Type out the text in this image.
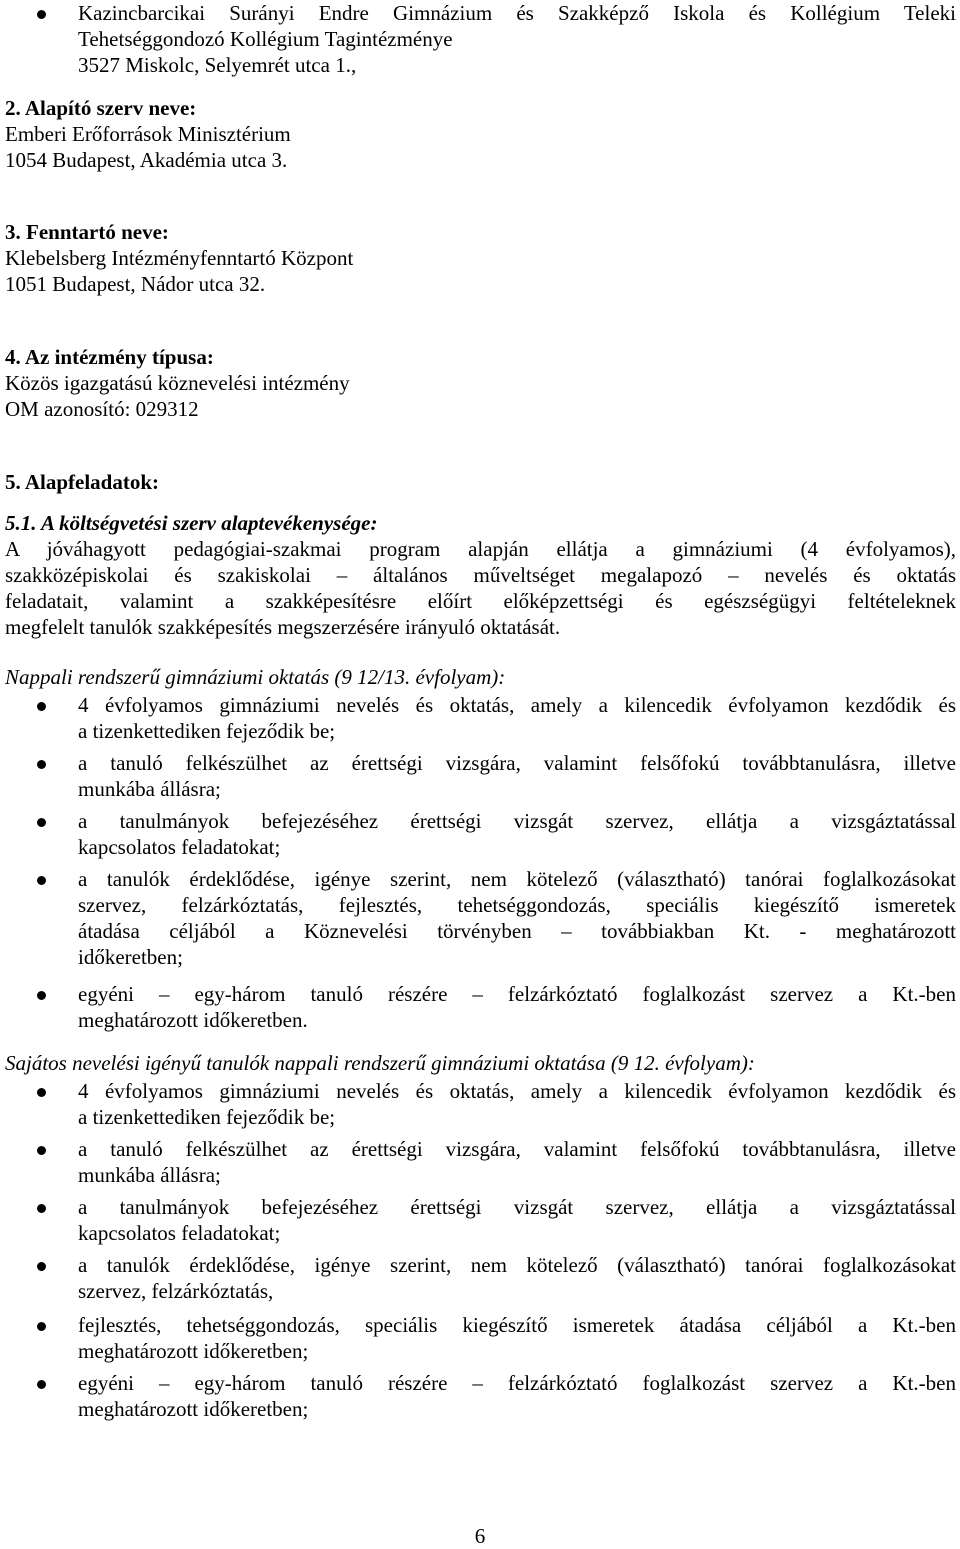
Kazincbarcikai Surányi Endre Gimnázium és Szakképző Iskola és Kollégium Teleki
Tehetséggondozó Kollégium Tagintézménye
3527 Miskolc, Selyemrét utca 1.,
2. Alapító szerv neve:
Emberi Erőforrások Minisztérium
1054 Budapest, Akadémia utca 3.
3. Fenntartó neve:
Klebelsberg Intézményfenntartó Központ
1051 Budapest, Nádor utca 32.
4. Az intézmény típusa:
Közös igazgatású köznevelési intézmény
OM azonosító: 029312
5. Alapfeladatok:
5.1. A költségvetési szerv alaptevékenysége:
A jóváhagyott pedagógiai-szakmai program alapján ellátja a gimnáziumi (4 évfolyamos),
szakközépiskolai és szakiskolai – általános műveltséget megalapozó – nevelés és oktatás
feladatait, valamint a szakképesítésre előírt előképzettségi és egészségügyi feltételeknek
megfelelt tanulók szakképesítés megszerzésére irányuló oktatását.
Nappali rendszerű gimnáziumi oktatás (9 12/13. évfolyam):
4 évfolyamos gimnáziumi nevelés és oktatás, amely a kilencedik évfolyamon kezdődik és
a tizenkettediken fejeződik be;
a tanuló felkészülhet az érettségi vizsgára, valamint felsőfokú továbbtanulásra, illetve
munkába állásra;
a tanulmányok befejezéséhez érettségi vizsgát szervez, ellátja a vizsgáztatással
kapcsolatos feladatokat;
a tanulók érdeklődése, igénye szerint, nem kötelező (választható) tanórai foglalkozásokat
szervez, felzárkóztatás, fejlesztés, tehetséggondozás, speciális kiegészítő ismeretek
átadása céljából a Köznevelési törvényben – továbbiakban Kt. - meghatározott
időkeretben;
egyéni – egy-három tanuló részére – felzárkóztató foglalkozást szervez a Kt.-ben
meghatározott időkeretben.
Sajátos nevelési igényű tanulók nappali rendszerű gimnáziumi oktatása (9 12. évfolyam):
4 évfolyamos gimnáziumi nevelés és oktatás, amely a kilencedik évfolyamon kezdődik és
a tizenkettediken fejeződik be;
a tanuló felkészülhet az érettségi vizsgára, valamint felsőfokú továbbtanulásra, illetve
munkába állásra;
a tanulmányok befejezéséhez érettségi vizsgát szervez, ellátja a vizsgáztatással
kapcsolatos feladatokat;
a tanulók érdeklődése, igénye szerint, nem kötelező (választható) tanórai foglalkozásokat
szervez, felzárkóztatás,
fejlesztés, tehetséggondozás, speciális kiegészítő ismeretek átadása céljából a Kt.-ben
meghatározott időkeretben;
egyéni – egy-három tanuló részére – felzárkóztató foglalkozást szervez a Kt.-ben
meghatározott időkeretben;
6
